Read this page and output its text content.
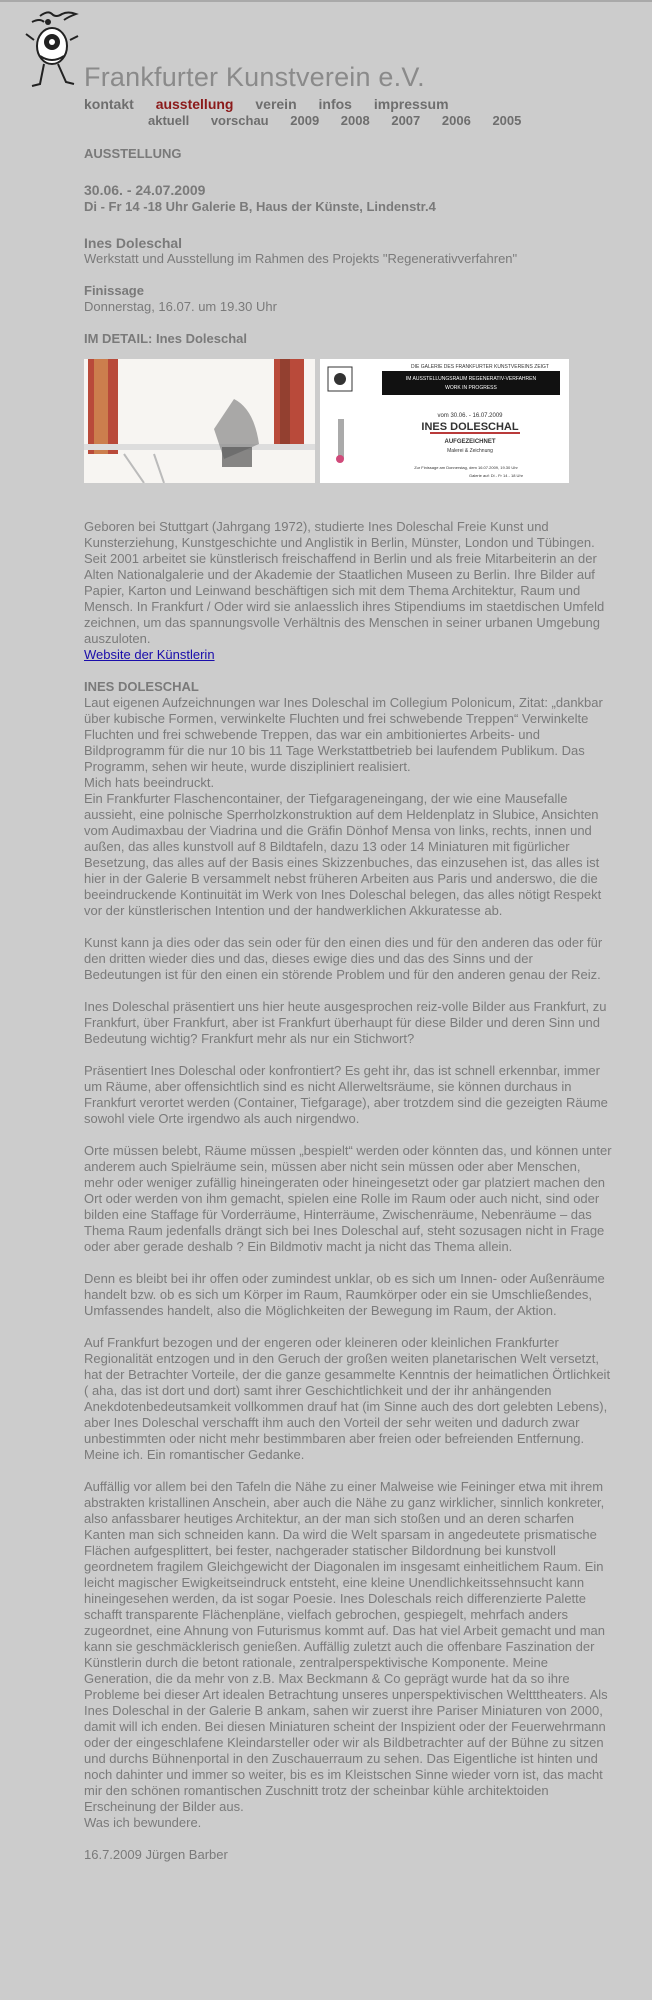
Frankfurter Kunstverein e.V.
kontakt ausstellung verein infos impressum
aktuell vorschau 2009 2008 2007 2006 2005

AUSSTELLUNG

30.06. - 24.07.2009

Di - Fr 14 -18 Uhr Galerie B, Haus der Künste, Lindenstr.4

Ines Doleschal

Werkstatt und Ausstellung im Rahmen des Projekts "Regenerativverfahren"

Finissage

Donnerstag, 16.07. um 19.30 Uhr

IM DETAIL: Ines Doleschal

DIE GALERIE DES FRANKFURTER KUNSTVEREINS ZEIGT
IM AUSSTELLUNGSRAUM REGENERATIV-VERFAHREN
WORK IN PROGRESS
vom 30.06. - 16.07.2009
INES DOLESCHAL
AUFGEZEICHNET
Malerei & Zeichnung
Zur Finissage am Donnerstag, dem 16.07.2009, 19.30 Uhr
Galerie auf: Di - Fr 14 - 18 Uhr

Geboren bei Stuttgart (Jahrgang 1972), studierte Ines Doleschal Freie Kunst und Kunsterziehung, Kunstgeschichte und Anglistik in Berlin, Münster, London und Tübingen. Seit 2001 arbeitet sie künstlerisch freischaffend in Berlin und als freie Mitarbeiterin an der Alten Nationalgalerie und der Akademie der Staatlichen Museen zu Berlin. Ihre Bilder auf Papier, Karton und Leinwand beschäftigen sich mit dem Thema Architektur, Raum und Mensch. In Frankfurt / Oder wird sie anlaesslich ihres Stipendiums im staetdischen Umfeld zeichnen, um das spannungsvolle Verhältnis des Menschen in seiner urbanen Umgebung auszuloten.

Website der Künstlerin

INES DOLESCHAL

Laut eigenen Aufzeichnungen war Ines Doleschal im Collegium Polonicum, Zitat: „dankbar über kubische Formen, verwinkelte Fluchten und frei schwebende Treppen“ Verwinkelte Fluchten und frei schwebende Treppen, das war ein ambitioniertes Arbeits- und Bildprogramm für die nur 10 bis 11 Tage Werkstattbetrieb bei laufendem Publikum. Das Programm, sehen wir heute, wurde diszipliniert realisiert.

Mich hats beeindruckt.

Ein Frankfurter Flaschencontainer, der Tiefgarageneingang, der wie eine Mausefalle aussieht, eine polnische Sperrholzkonstruktion auf dem Heldenplatz in Slubice, Ansichten vom Audimaxbau der Viadrina und die Gräfin Dönhof Mensa von links, rechts, innen und außen, das alles kunstvoll auf 8 Bildtafeln, dazu 13 oder 14 Miniaturen mit figürlicher Besetzung, das alles auf der Basis eines Skizzenbuches, das einzusehen ist, das alles ist hier in der Galerie B versammelt nebst früheren Arbeiten aus Paris und anderswo, die die beeindruckende Kontinuität im Werk von Ines Doleschal belegen, das alles nötigt Respekt vor der künstlerischen Intention und der handwerklichen Akkuratesse ab.

Kunst kann ja dies oder das sein oder für den einen dies und für den anderen das oder für den dritten wieder dies und das, dieses ewige dies und das des Sinns und der Bedeutungen ist für den einen ein störende Problem und für den anderen genau der Reiz.

Ines Doleschal präsentiert uns hier heute ausgesprochen reiz-volle Bilder aus Frankfurt, zu Frankfurt, über Frankfurt, aber ist Frankfurt überhaupt für diese Bilder und deren Sinn und Bedeutung wichtig? Frankfurt mehr als nur ein Stichwort?

Präsentiert Ines Doleschal oder konfrontiert? Es geht ihr, das ist schnell erkennbar, immer um Räume, aber offensichtlich sind es nicht Allerweltsräume, sie können durchaus in Frankfurt verortet werden (Container, Tiefgarage), aber trotzdem sind die gezeigten Räume sowohl viele Orte irgendwo als auch nirgendwo.

Orte müssen belebt, Räume müssen „bespielt“ werden oder könnten das, und können unter anderem auch Spielräume sein, müssen aber nicht sein müssen oder aber Menschen, mehr oder weniger zufällig hineingeraten oder hineingesetzt oder gar platziert machen den Ort oder werden von ihm gemacht, spielen eine Rolle im Raum oder auch nicht, sind oder bilden eine Staffage für Vorderräume, Hinterräume, Zwischenräume, Nebenräume – das Thema Raum jedenfalls drängt sich bei Ines Doleschal auf, steht sozusagen nicht in Frage oder aber gerade deshalb ? Ein Bildmotiv macht ja nicht das Thema allein.

Denn es bleibt bei ihr offen oder zumindest unklar, ob es sich um Innen- oder Außenräume handelt bzw. ob es sich um Körper im Raum, Raumkörper oder ein sie Umschließendes, Umfassendes handelt, also die Möglichkeiten der Bewegung im Raum, der Aktion.

Auf Frankfurt bezogen und der engeren oder kleineren oder kleinlichen Frankfurter Regionalität entzogen und in den Geruch der großen weiten planetarischen Welt versetzt, hat der Betrachter Vorteile, der die ganze gesammelte Kenntnis der heimatlichen Örtlichkeit ( aha, das ist dort und dort) samt ihrer Geschichtlichkeit und der ihr anhängenden Anekdotenbedeutsamkeit vollkommen drauf hat (im Sinne auch des dort gelebten Lebens), aber Ines Doleschal verschafft ihm auch den Vorteil der sehr weiten und dadurch zwar unbestimmten oder nicht mehr bestimmbaren aber freien oder befreienden Entfernung. Meine ich. Ein romantischer Gedanke.

Auffällig vor allem bei den Tafeln die Nähe zu einer Malweise wie Feininger etwa mit ihrem abstrakten kristallinen Anschein, aber auch die Nähe zu ganz wirklicher, sinnlich konkreter, also anfassbarer heutiges Architektur, an der man sich stoßen und an deren scharfen Kanten man sich schneiden kann. Da wird die Welt sparsam in angedeutete prismatische Flächen aufgesplittert, bei fester, nachgerader statischer Bildordnung bei kunstvoll geordnetem fragilem Gleichgewicht der Diagonalen im insgesamt einheitlichem Raum. Ein leicht magischer Ewigkeitseindruck entsteht, eine kleine Unendlichkeitssehnsucht kann hineingesehen werden, da ist sogar Poesie. Ines Doleschals reich differenzierte Palette schafft transparente Flächenpläne, vielfach gebrochen, gespiegelt, mehrfach anders zugeordnet, eine Ahnung von Futurismus kommt auf. Das hat viel Arbeit gemacht und man kann sie geschmäcklerisch genießen. Auffällig zuletzt auch die offenbare Faszination der Künstlerin durch die betont rationale, zentralperspektivische Komponente. Meine Generation, die da mehr von z.B. Max Beckmann & Co geprägt wurde hat da so ihre Probleme bei dieser Art idealen Betrachtung unseres unperspektivischen Weltttheaters. Als Ines Doleschal in der Galerie B ankam, sahen wir zuerst ihre Pariser Miniaturen von 2000, damit will ich enden. Bei diesen Miniaturen scheint der Inspizient oder der Feuerwehrmann oder der eingeschlafene Kleindarsteller oder wir als Bildbetrachter auf der Bühne zu sitzen und durchs Bühnenportal in den Zuschauerraum zu sehen. Das Eigentliche ist hinten und noch dahinter und immer so weiter, bis es im Kleistschen Sinne wieder vorn ist, das macht mir den schönen romantischen Zuschnitt trotz der scheinbar kühle architektoiden Erscheinung der Bilder aus.

Was ich bewundere.

16.7.2009 Jürgen Barber
